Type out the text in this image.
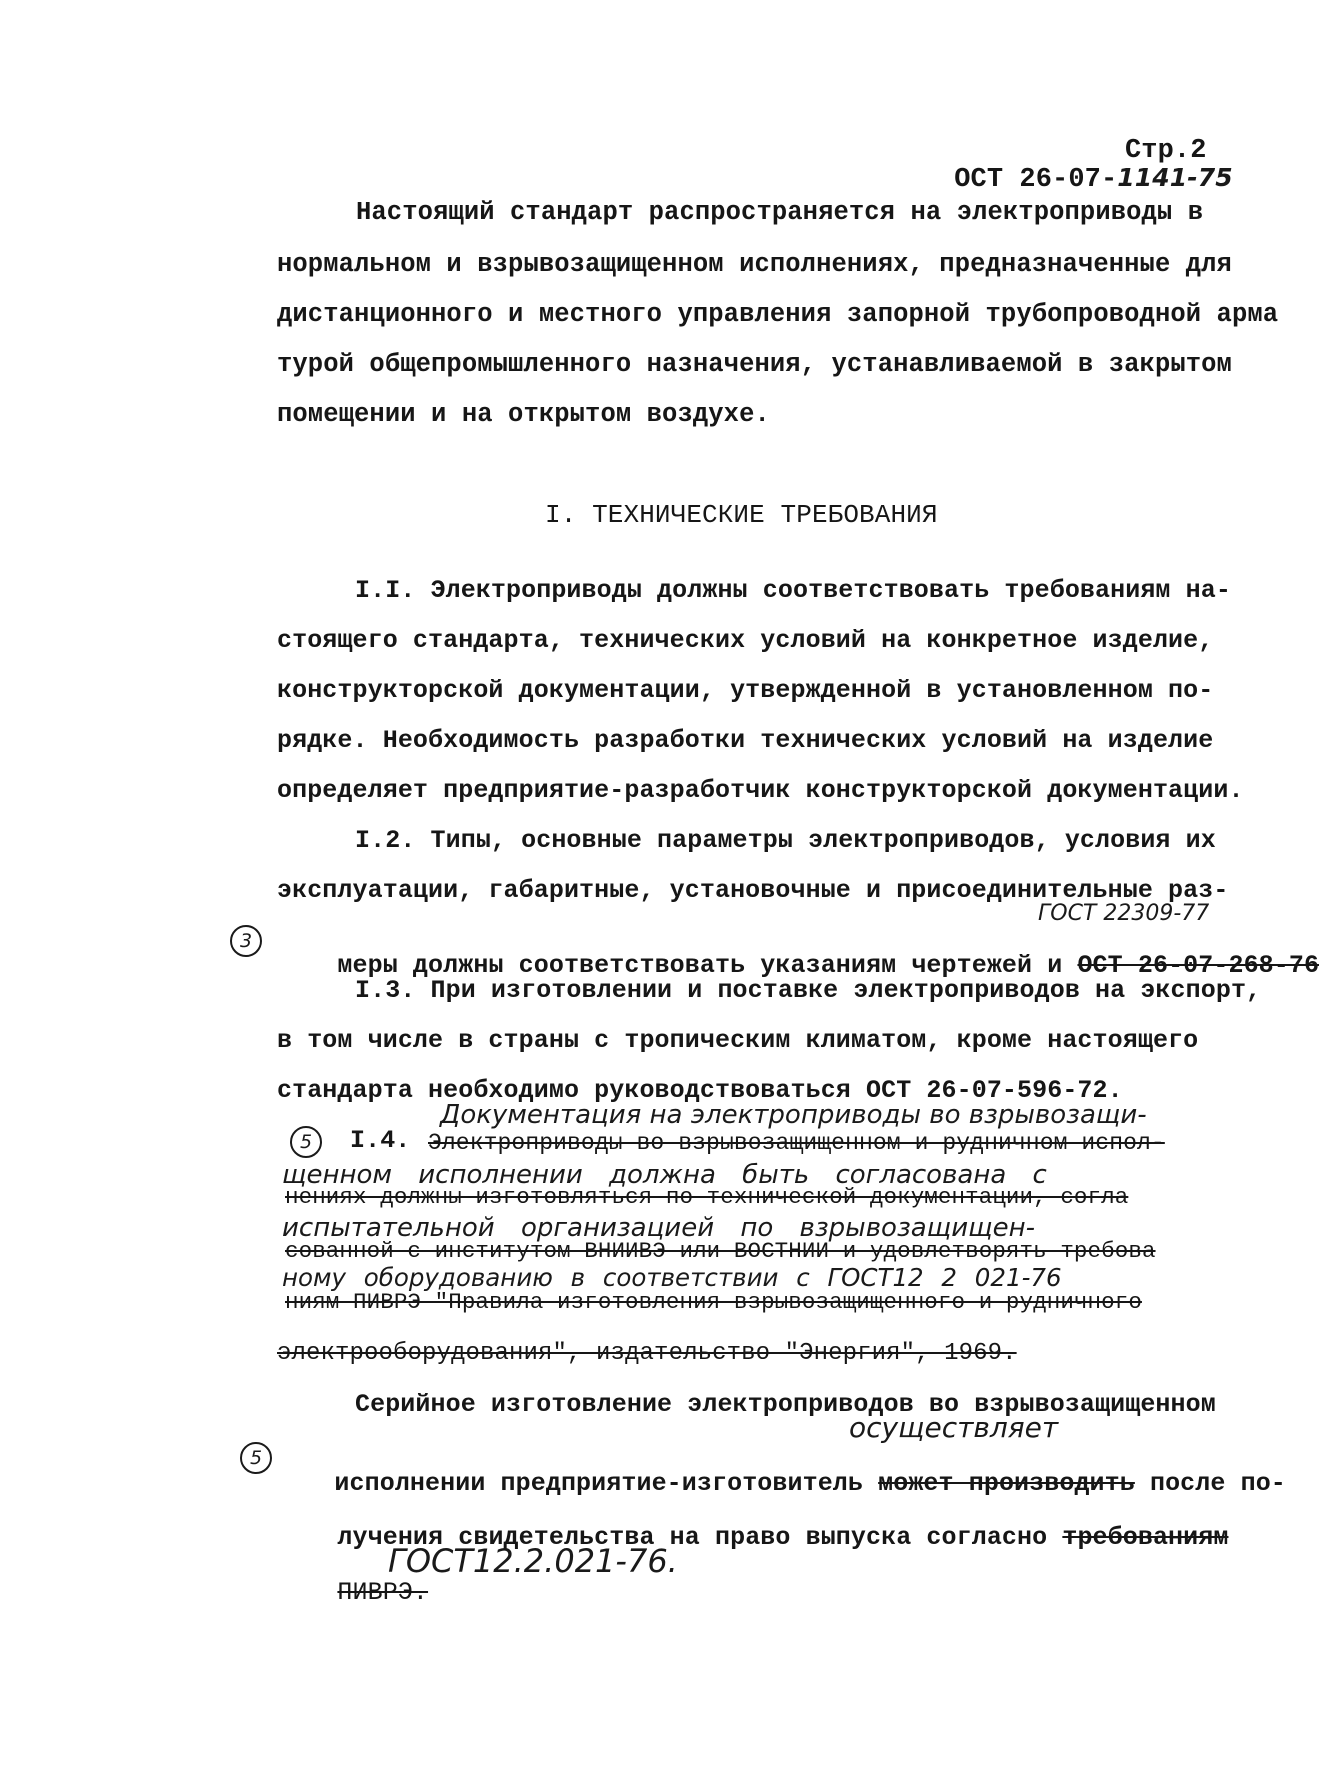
ОСТ 26-07-1141-75

Стр.2
Настоящий стандарт распространяется на электроприводы в
нормальном и взрывозащищенном исполнениях, предназначенные для
дистанционного и местного управления запорной трубопроводной арма
турой общепромышленного назначения, устанавливаемой в закрытом
помещении и на открытом воздухе.
I. ТЕХНИЧЕСКИЕ ТРЕБОВАНИЯ
I.I. Электроприводы должны соответствовать требованиям на-
стоящего стандарта, технических условий на конкретное изделие,
конструкторской документации, утвержденной в установленном по-
рядке. Необходимость разработки технических условий на изделие
определяет предприятие-разработчик конструкторской документации.
I.2. Типы, основные параметры электроприводов, условия их
эксплуатации, габаритные, установочные и присоединительные раз-
ГОСТ 22309-77
3

меры должны соответствовать указаниям чертежей и ОСТ 26-07-268-76

I.3. При изготовлении и поставке электроприводов на экспорт,
в том числе в страны с тропическим климатом, кроме настоящего
стандарта необходимо руководствоваться ОСТ 26-07-596-72.
Документация на электроприводы во взрывозащи-
5	I.4. Электроприводы во взрывозащищенном и рудничном испол-
щенном исполнении должна быть согласована с
нениях должны изготовляться по технической документации, согла
испытательной организацией по взрывозащищен-
сованной с институтом ВНИИВЭ или ВОСТНИИ и удовлетворять требова
ному оборудованию в соответствии с ГОСТ12 2 021-76
ниям ПИВРЭ "Правила изготовления взрывозащищенного и рудничного
электрооборудования", издательство "Энергия", 1969.
Серийное изготовление электроприводов во взрывозащищенном
осуществляет
5

исполнении предприятие-изготовитель может производить после по-

лучения свидетельства на право выпуска согласно требованиям

ПИВРЭ.

ГОСТ12.2.021-76.
